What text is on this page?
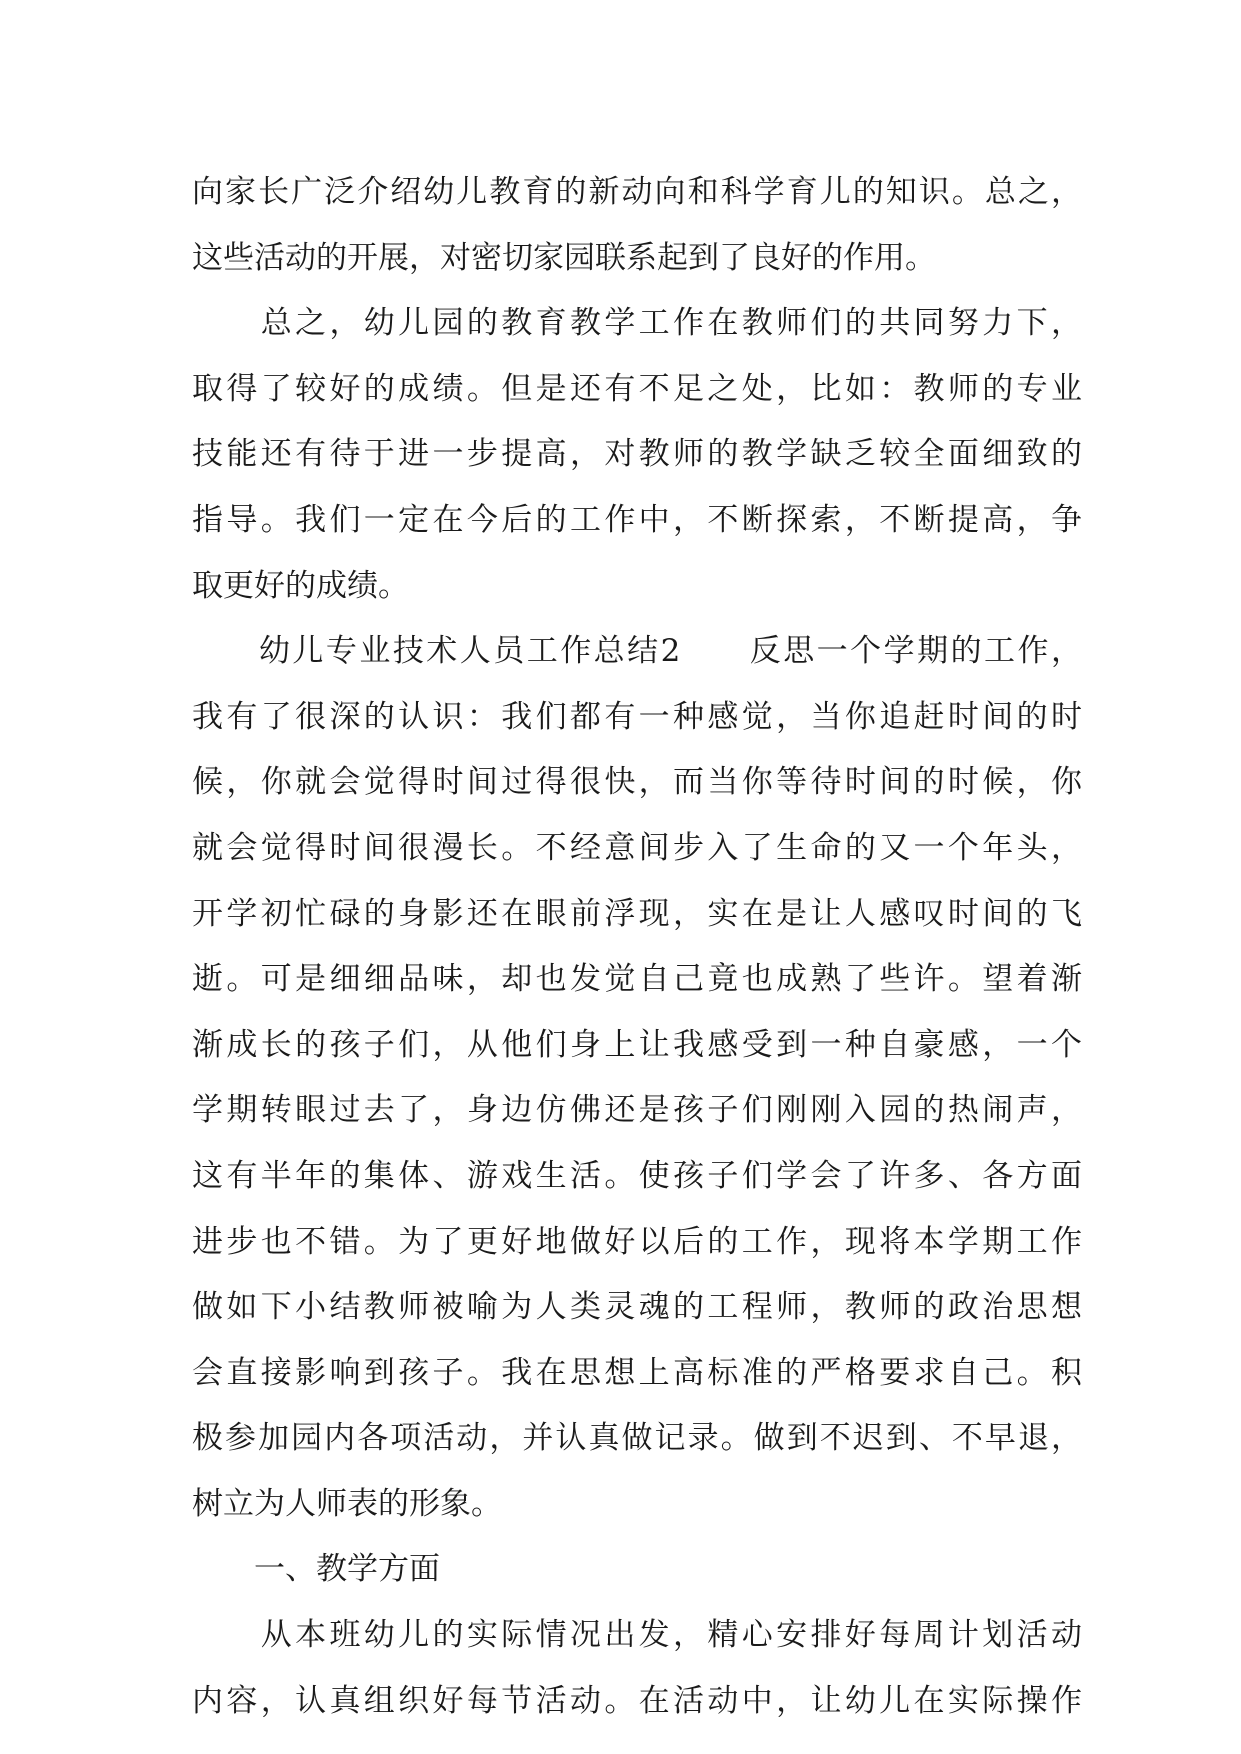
向家长广泛介绍幼儿教育的新动向和科学育儿的知识。总之，
这些活动的开展，对密切家园联系起到了良好的作用。
　　总之，幼儿园的教育教学工作在教师们的共同努力下，
取得了较好的成绩。但是还有不足之处，比如：教师的专业
技能还有待于进一步提高，对教师的教学缺乏较全面细致的
指导。我们一定在今后的工作中，不断探索，不断提高，争
取更好的成绩。
　　幼儿专业技术人员工作总结2　　反思一个学期的工作，
我有了很深的认识：我们都有一种感觉，当你追赶时间的时
候，你就会觉得时间过得很快，而当你等待时间的时候，你
就会觉得时间很漫长。不经意间步入了生命的又一个年头，
开学初忙碌的身影还在眼前浮现，实在是让人感叹时间的飞
逝。可是细细品味，却也发觉自己竟也成熟了些许。望着渐
渐成长的孩子们，从他们身上让我感受到一种自豪感，一个
学期转眼过去了，身边仿佛还是孩子们刚刚入园的热闹声，
这有半年的集体、游戏生活。使孩子们学会了许多、各方面
进步也不错。为了更好地做好以后的工作，现将本学期工作
做如下小结教师被喻为人类灵魂的工程师，教师的政治思想
会直接影响到孩子。我在思想上高标准的严格要求自己。积
极参加园内各项活动，并认真做记录。做到不迟到、不早退，
树立为人师表的形象。
　　一、教学方面
　　从本班幼儿的实际情况出发，精心安排好每周计划活动
内容，认真组织好每节活动。在活动中，让幼儿在实际操作
